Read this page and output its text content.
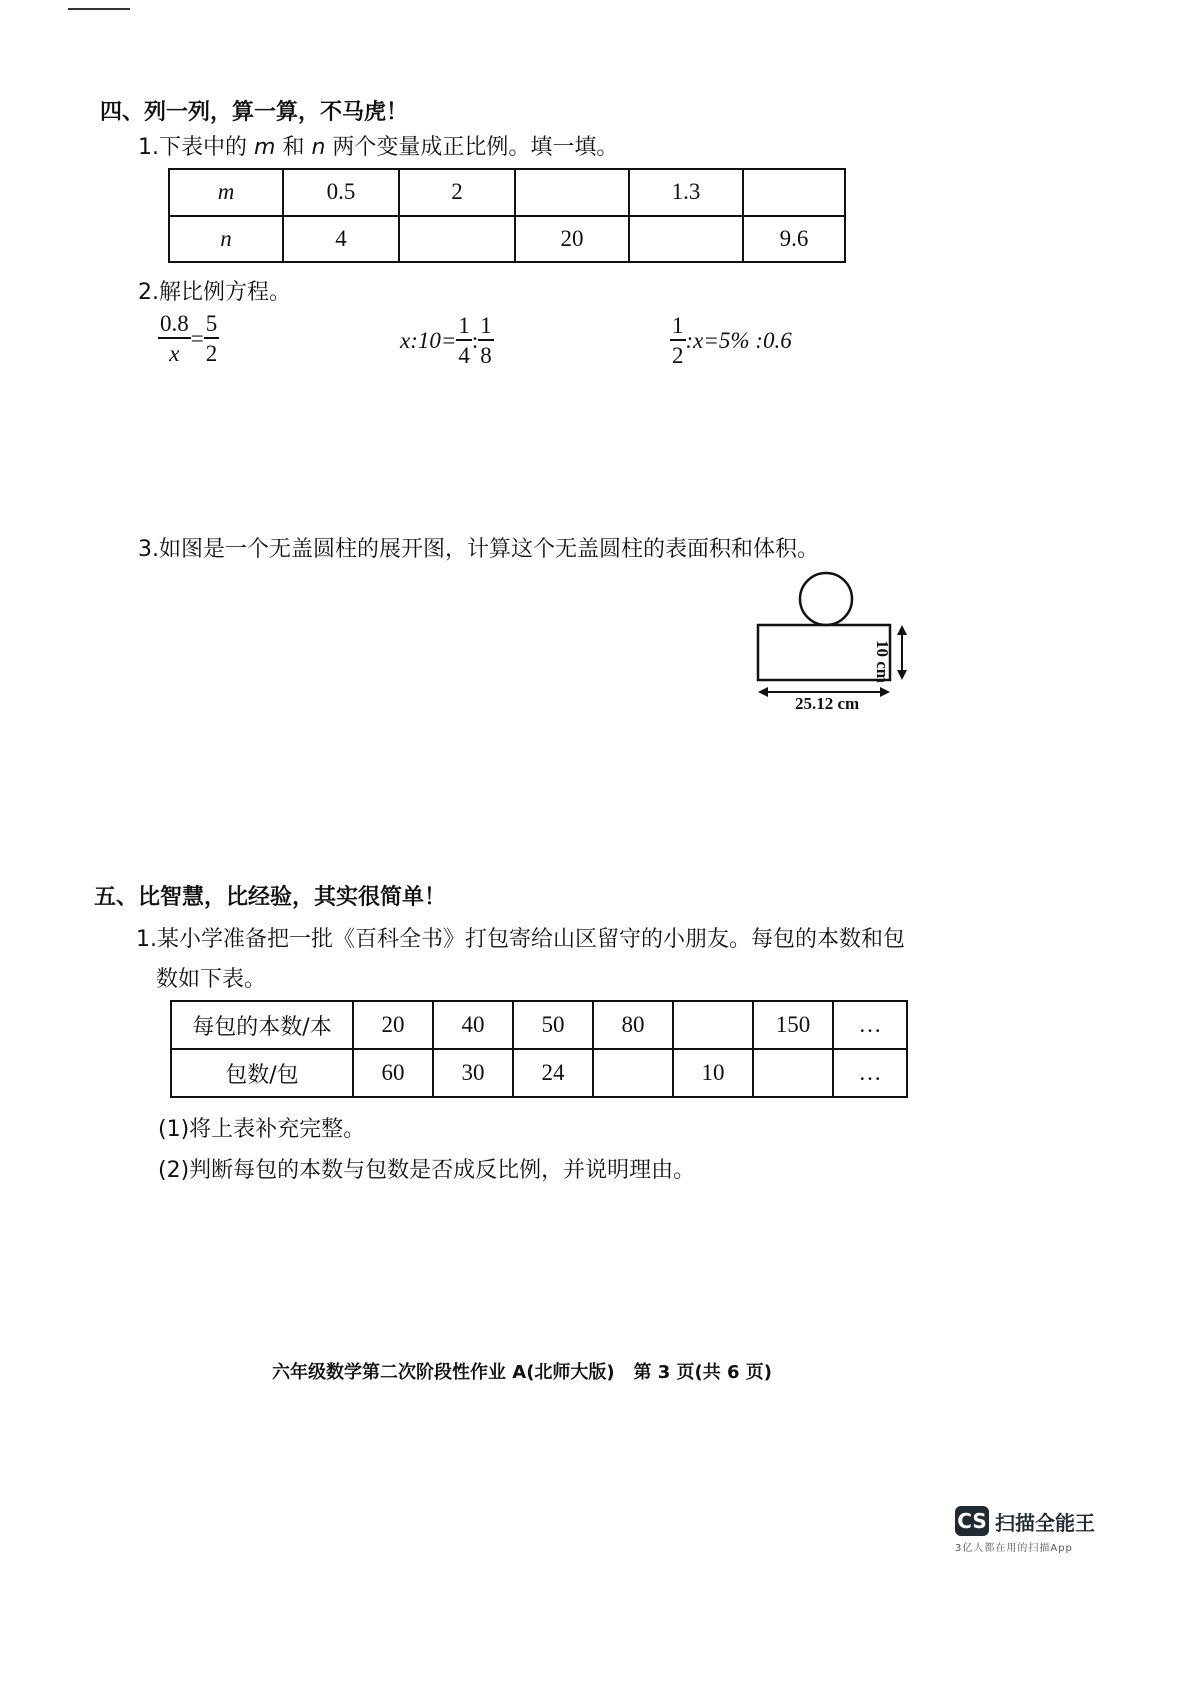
四、列一列，算一算，不马虎！
1.下表中的 m 和 n 两个变量成正比例。填一填。
m	0.5	2		1.3	
n	4		20		9.6
2.解比例方程。
$\frac{0.8}{x} = \frac{5}{2}$	x:10= $\frac{1}{4}$ : $\frac{1}{8}$	$\frac{1}{2}$ :x=5% :0.6
3.如图是一个无盖圆柱的展开图，计算这个无盖圆柱的表面积和体积。
10 cm
25.12 cm
五、比智慧，比经验，其实很简单！
1.某小学准备把一批《百科全书》打包寄给山区留守的小朋友。每包的本数和包
数如下表。
每包的本数/本	20	40	50	80		150	…
包数/包	60	30	24		10		…
(1)将上表补充完整。
(2)判断每包的本数与包数是否成反比例，并说明理由。
六年级数学第二次阶段性作业 A(北师大版)   第 3 页(共 6 页)
CS 扫描全能王
3亿人都在用的扫描App
